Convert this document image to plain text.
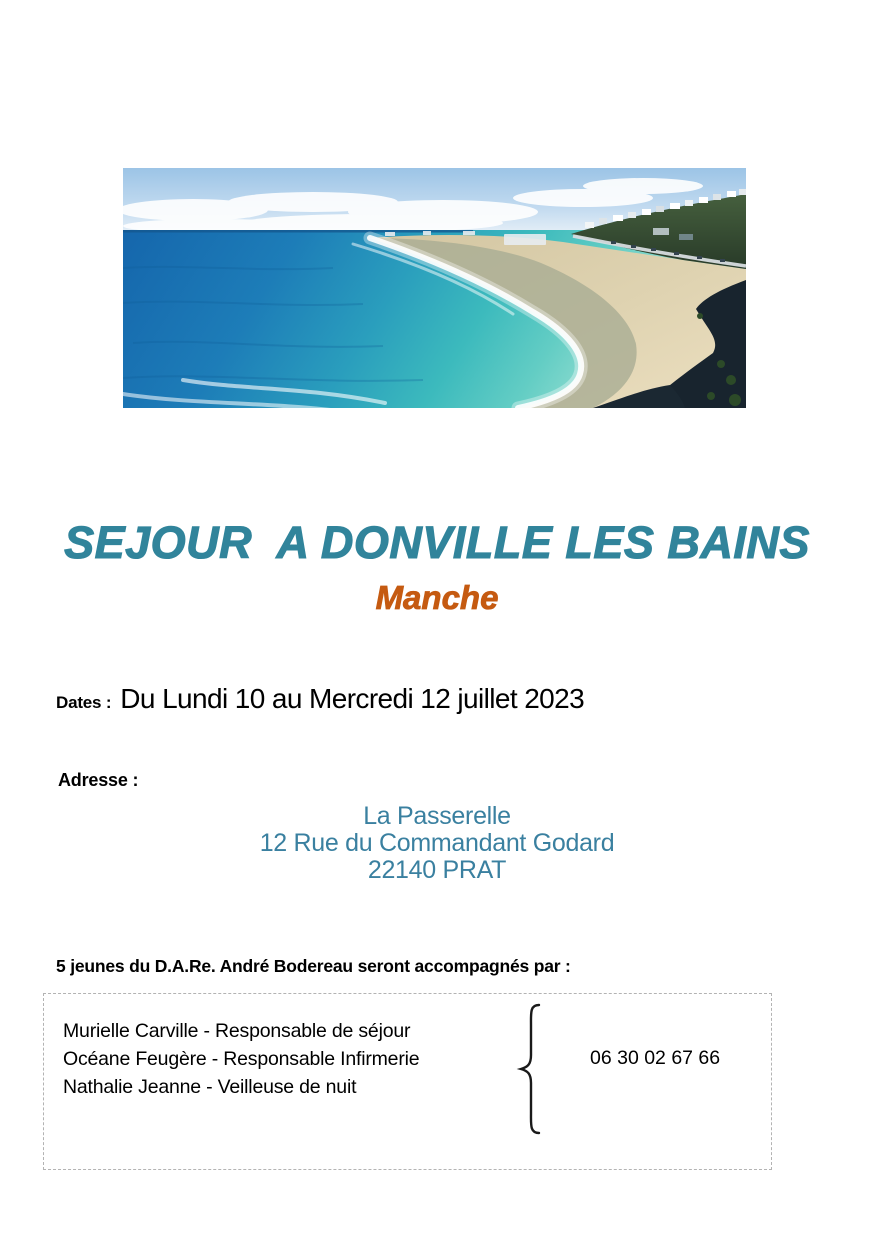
SEJOUR  A DONVILLE LES BAINS
Manche
Dates : Du Lundi 10 au Mercredi 12 juillet 2023
Adresse :
La Passerelle
12 Rue du Commandant Godard
22140 PRAT
5 jeunes du D.A.Re. André Bodereau seront accompagnés par :
Murielle Carville - Responsable de séjour
Océane Feugère - Responsable Infirmerie
Nathalie Jeanne - Veilleuse de nuit
06 30 02 67 66
